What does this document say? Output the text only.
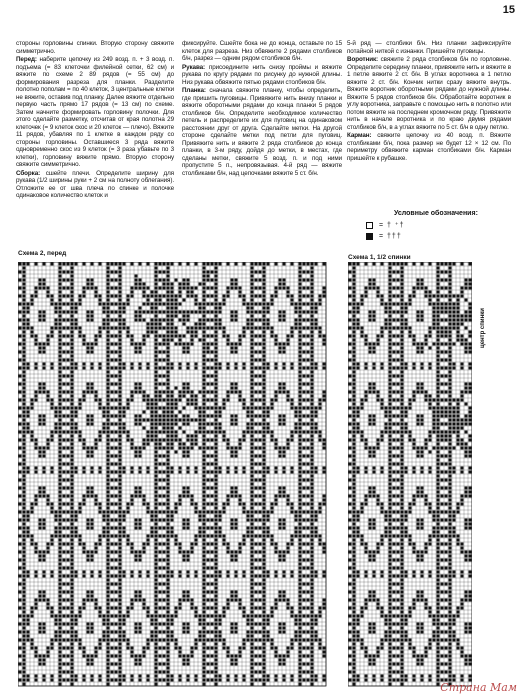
15

стороны горловины спинки. Вторую сторону свяжите симметрично.

Перед: наберите цепочку из 249 возд. п. + 3 возд. п. подъема (= 83 клеточки филейной сетки, 62 см) и вяжите по схеме 2 89 рядов (= 55 см) до формирования разреза для планки. Разделите полотно пополам = по 40 клеток, 3 центральные клетки не вяжите, оставив под планку. Далее вяжите отдельно первую часть прямо 17 рядов (= 13 см) по схеме. Затем начните формировать горловину полочки. Для этого сделайте разметку, отсчитав от края полотна 29 клеточек (= 9 клеток скос и 20 клеток — плечо). Вяжите 11 рядов, убавляя по 1 клетке в каждом ряду со стороны горловины. Оставшиеся 3 ряда вяжите одновременно скос из 9 клеток (= 3 раза убавьте по 3 клетки), горловину вяжите прямо. Вторую сторону свяжите симметрично.

Сборка: сшейте плечи. Определите ширину для рукава (1/2 ширины руки + 2 см на полноту облегания). Отложите ее от шва плеча по спинке и полочке одинаковое количество клеток и

фиксируйте. Сшейте бока не до конца, оставьте по 15 клеток для разреза. Низ обвяжите 2 рядами столбиков б/н, разрез — одним рядом столбиков б/н.

Рукава: присоедините нить снизу проймы и вяжите рукава по кругу рядами по рисунку до нужной длины. Низ рукава обвяжите пятью рядами столбиков б/н.

Планка: сначала свяжите планку, чтобы определить, где пришить пуговицы. Привяжите нить внизу планки и вяжите оборотными рядами до конца планки 5 рядов столбиков б/н. Определите необходимое количество петель и распределите их для пуговиц на одинаковом расстоянии друг от друга. Сделайте метки. На другой стороне сделайте метки под петли для пуговиц. Привяжите нить и вяжите 2 ряда столбиков до конца планки, в 3-м ряду, дойдя до метки, в местах, где сделаны метки, свяжите 5 возд. п. и под ними пропустите 5 п., непровязывая. 4-й ряд — вяжите столбиками б/н, над цепочками вяжите 5 ст. б/н.

5-й ряд — столбики б/н. Низ планки зафиксируйте потайной ниткой с изнанки. Пришейте пуговицы.

Воротник: свяжите 2 ряда столбиков б/н по горловине. Определите середину планки, привяжите нить и вяжите в 1 петле вяжите 2 ст. б/н. В углах воротника в 1 петлю вяжите 2 ст. б/н. Кончик нитки сразу вяжите внутрь. Вяжите воротник оборотными рядами до нужной длины. Вяжите 5 рядов столбиков б/н. Обработайте воротник в углу воротника, заправьте с помощью нить в полотно или потом вяжите на последнем кромочном ряду. Привяжите нить в начале воротника и по краю двумя рядами столбиков б/н, в а углах вяжите по 5 ст. б/н в одну петлю.

Карман: свяжите цепочку из 40 возд. п. Вяжите столбиками б/н, пока размер не будет 12 × 12 см. По периметру обвяжите карман столбиками б/н. Карман пришейте к рубашке.

Условные обозначения:
= † ⁺†
= †††
Схема 2, перед
Схема 1, 1/2 спинки
центр спинки
Страна Мам
